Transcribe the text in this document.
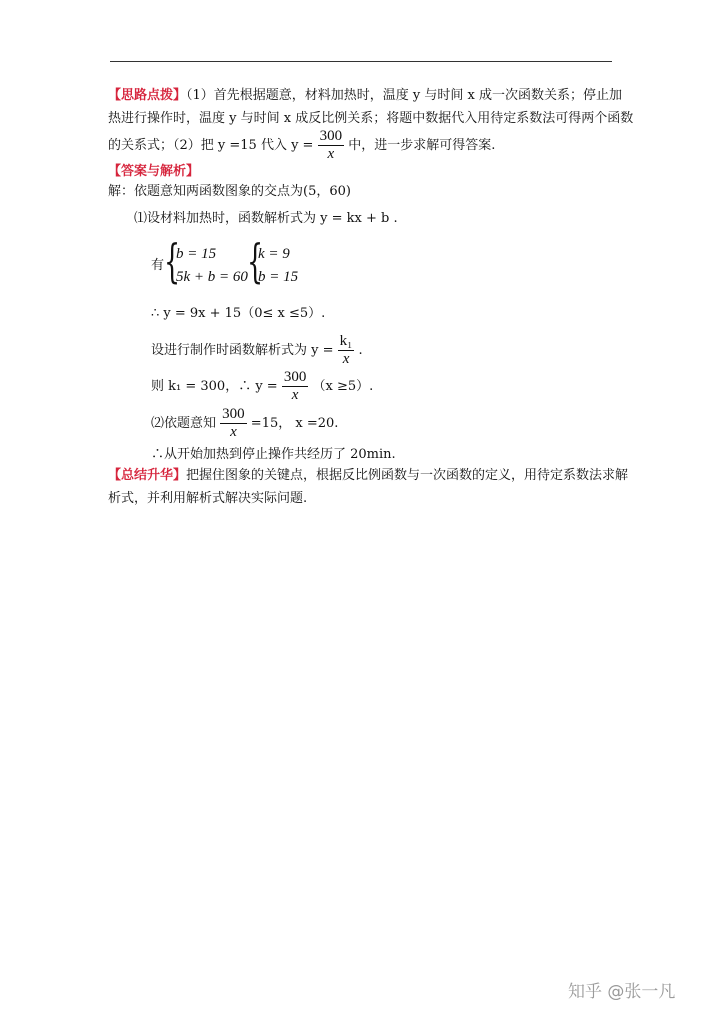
【思路点拨】（1）首先根据题意，材料加热时，温度 y 与时间 x 成一次函数关系；停止加
热进行操作时，温度 y 与时间 x 成反比例关系；将题中数据代入用待定系数法可得两个函数
的关系式；（2）把 y =15 代入 $y = \frac{300}{x}$ 中，进一步求解可得答案.
【答案与解析】
解：依题意知两函数图象的交点为(5，60)
⑴设材料加热时，函数解析式为 y = kx + b .
有 {
b = 15
5k + b = 60 {
k = 9
b = 15
∴ y = 9x + 15（0≤ x ≤5）.
设进行制作时函数解析式为 $y = \frac{\text{k₁}}{x}$ .
则 k₁ = 300，∴ $y = \frac{300}{x} (x \ge 5)$.
⑵依题意知 $\frac{300}{x} =15$， x =20.
∴从开始加热到停止操作共经历了 20min.
【总结升华】把握住图象的关键点，根据反比例函数与一次函数的定义，用待定系数法求解
析式，并利用解析式解决实际问题.
知乎 @张一凡
